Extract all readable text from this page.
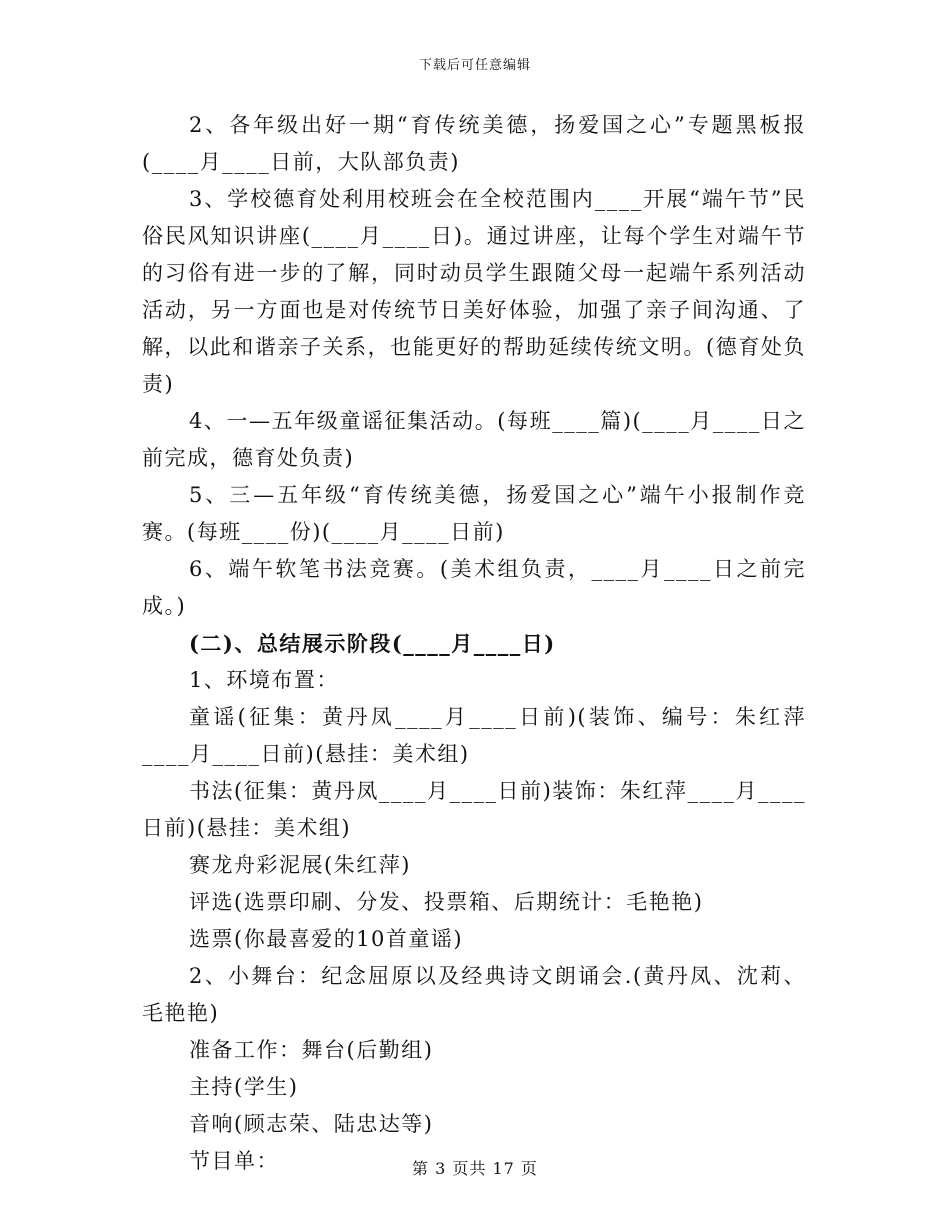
下载后可任意编辑

2、各年级出好一期“育传统美德，扬爱国之心”专题黑板报(____月____日前，大队部负责)

3、学校德育处利用校班会在全校范围内____开展“端午节”民俗民风知识讲座(____月____日)。通过讲座，让每个学生对端午节的习俗有进一步的了解，同时动员学生跟随父母一起端午系列活动活动，另一方面也是对传统节日美好体验，加强了亲子间沟通、了解，以此和谐亲子关系，也能更好的帮助延续传统文明。(德育处负责)

4、一—五年级童谣征集活动。(每班____篇)(____月____日之前完成，德育处负责)

5、三—五年级“育传统美德，扬爱国之心”端午小报制作竞赛。(每班____份)(____月____日前)

6、端午软笔书法竞赛。(美术组负责，____月____日之前完成。)

(二)、总结展示阶段(____月____日)

1、环境布置：

童谣(征集：黄丹凤____月____日前)(装饰、编号：朱红萍____月____日前)(悬挂：美术组)

书法(征集：黄丹凤____月____日前)装饰：朱红萍____月____日前)(悬挂：美术组)

赛龙舟彩泥展(朱红萍)

评选(选票印刷、分发、投票箱、后期统计：毛艳艳)

选票(你最喜爱的10首童谣)

2、小舞台：纪念屈原以及经典诗文朗诵会.(黄丹凤、沈莉、毛艳艳)

准备工作：舞台(后勤组)

主持(学生)

音响(顾志荣、陆忠达等)

节目单：	第 3 页共 17 页
